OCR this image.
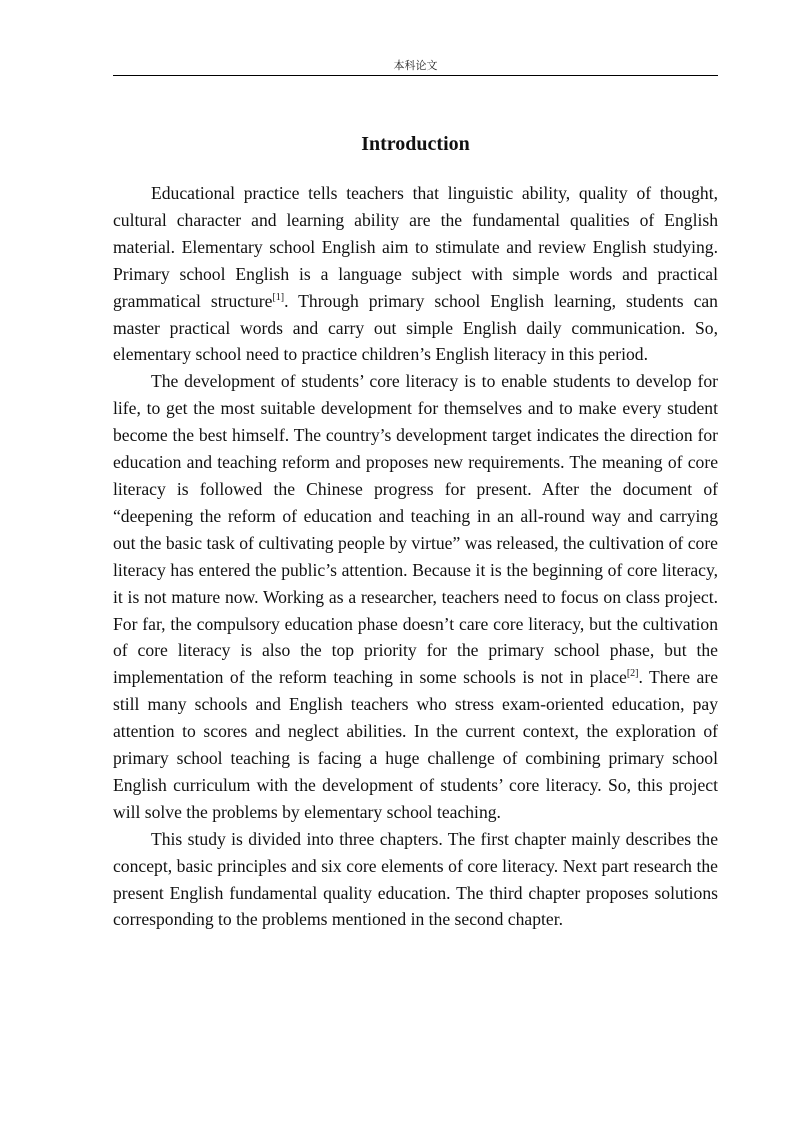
本科论文
Introduction

Educational practice tells teachers that linguistic ability, quality of thought, cultural character and learning ability are the fundamental qualities of English material. Elementary school English aim to stimulate and review English studying. Primary school English is a language subject with simple words and practical grammatical structure[1]. Through primary school English learning, students can master practical words and carry out simple English daily communication. So, elementary school need to practice children’s English literacy in this period.

The development of students’ core literacy is to enable students to develop for life, to get the most suitable development for themselves and to make every student become the best himself. The country’s development target indicates the direction for education and teaching reform and proposes new requirements. The meaning of core literacy is followed the Chinese progress for present. After the document of “deepening the reform of education and teaching in an all-round way and carrying out the basic task of cultivating people by virtue” was released, the cultivation of core literacy has entered the public’s attention. Because it is the beginning of core literacy, it is not mature now. Working as a researcher, teachers need to focus on class project. For far, the compulsory education phase doesn’t care core literacy, but the cultivation of core literacy is also the top priority for the primary school phase, but the implementation of the reform teaching in some schools is not in place[2]. There are still many schools and English teachers who stress exam-oriented education, pay attention to scores and neglect abilities. In the current context, the exploration of primary school teaching is facing a huge challenge of combining primary school English curriculum with the development of students’ core literacy. So, this project will solve the problems by elementary school teaching.

This study is divided into three chapters. The first chapter mainly describes the concept, basic principles and six core elements of core literacy. Next part research the present English fundamental quality education. The third chapter proposes solutions corresponding to the problems mentioned in the second chapter.
